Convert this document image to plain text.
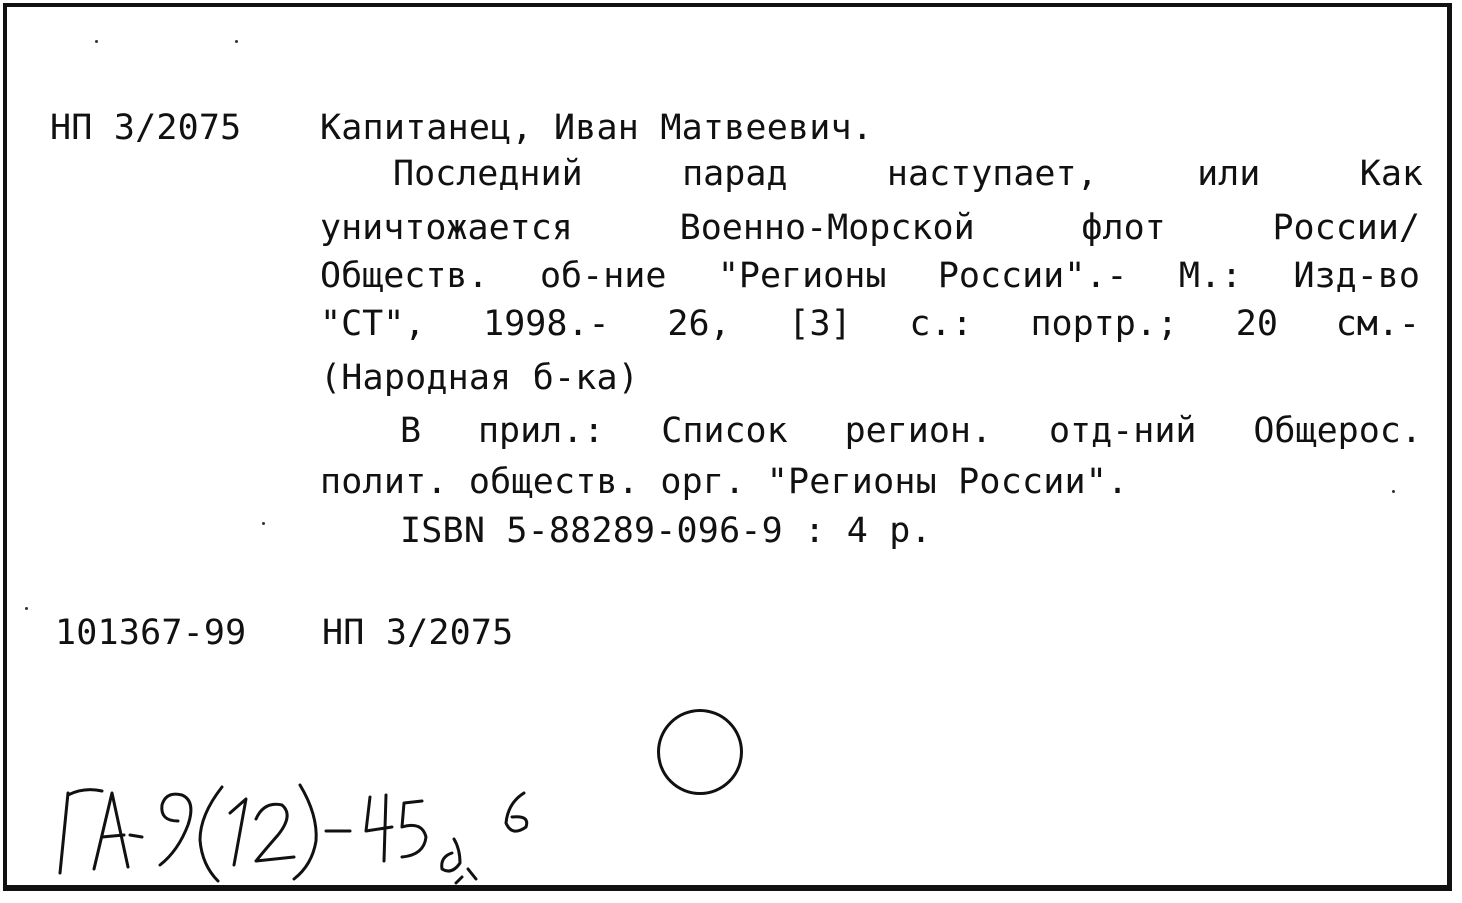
НП 3/2075 Капитанец, Иван Матвеевич.
Последний	парад	наступает,	или	Как
уничтожается	Военно-Морской	флот	России/
Обществ. об-ние "Регионы России".- М.: Изд-во
"СТ", 1998.- 26, [3] с.: портр.; 20 см.-
(Народная б-ка)
В прил.: Список регион. отд-ний Общерос.
полит. обществ. орг. "Регионы России".
ISBN 5-88289-096-9 : 4 р.
101367-99 НП 3/2075
